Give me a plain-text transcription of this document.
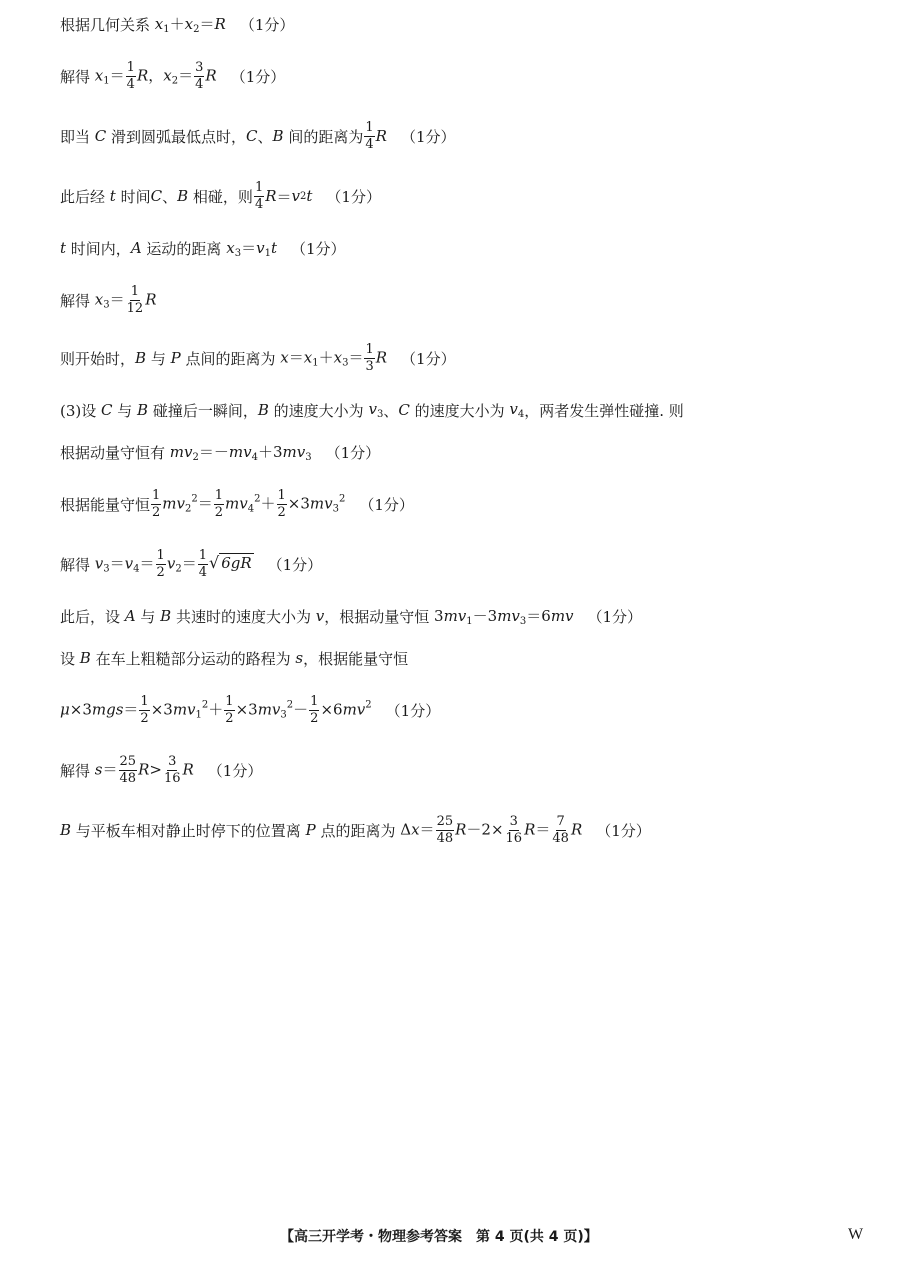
根据几何关系 $x_1+x_2=R$ （1分）
解得 $x_1= \frac{1}{4}$ R，$x_2= \frac{3}{4}$ R （1分）
即当 C 滑到圆弧最低点时， C 、 B
间的距离为 $\frac{1}{4}$ R （1分）
此后经 t 时间 C 、 B
相碰，则 $\frac{1}{4}$ R ＝ v 2 t （1分）
t 时间内， A 运动的距离 $x_3=v_1t$ （1分）
解得 $x_3= \frac{1}{12}$ R
则开始时， B 与 P 点间的距离为 $x=x_1+x_3= \frac{1}{3}$ R （1分）
(3)设 C 与 B 碰撞后一瞬间， B 的速度大小为 $v_3$ 、 C 的速度大小为 $v_4$ ，两者发生弹性碰撞. 则
根据动量守恒有 $mv_2=-mv_4+3mv_3$ （1分）
根据能量守恒 $\frac{1}{2} mv_2^2= \frac{1}{2} mv_4^2+ \frac{1}{2} \times 3mv_3^2$ （1分）
解得 $v_3=v_4= \frac{1}{2} v_2= \frac{1}{4}$ √ 6gR （1分）
此后，设 A 与 B 共速时的速度大小为 v ，根据动量守恒 $3mv_1-3mv_3=6mv$ （1分）
设 B 在车上粗糙部分运动的路程为 s ，根据能量守恒
$\mu\times 3mgs= \frac{1}{2} \times 3mv_1^2+ \frac{1}{2} \times 3mv_3^2- \frac{1}{2} \times 6mv^2$ （1分）
解得 $s= \frac{25}{48} R> \frac{3}{16}$ R （1分）
B 与平板车相对静止时停下的位置离 P 点的距离为 $\Delta x= \frac{25}{48} R-2\times \frac{3}{16} R= \frac{7}{48}$ R （1分）
【高三开学考・物理参考答案　第 4 页(共 4 页)】	W
